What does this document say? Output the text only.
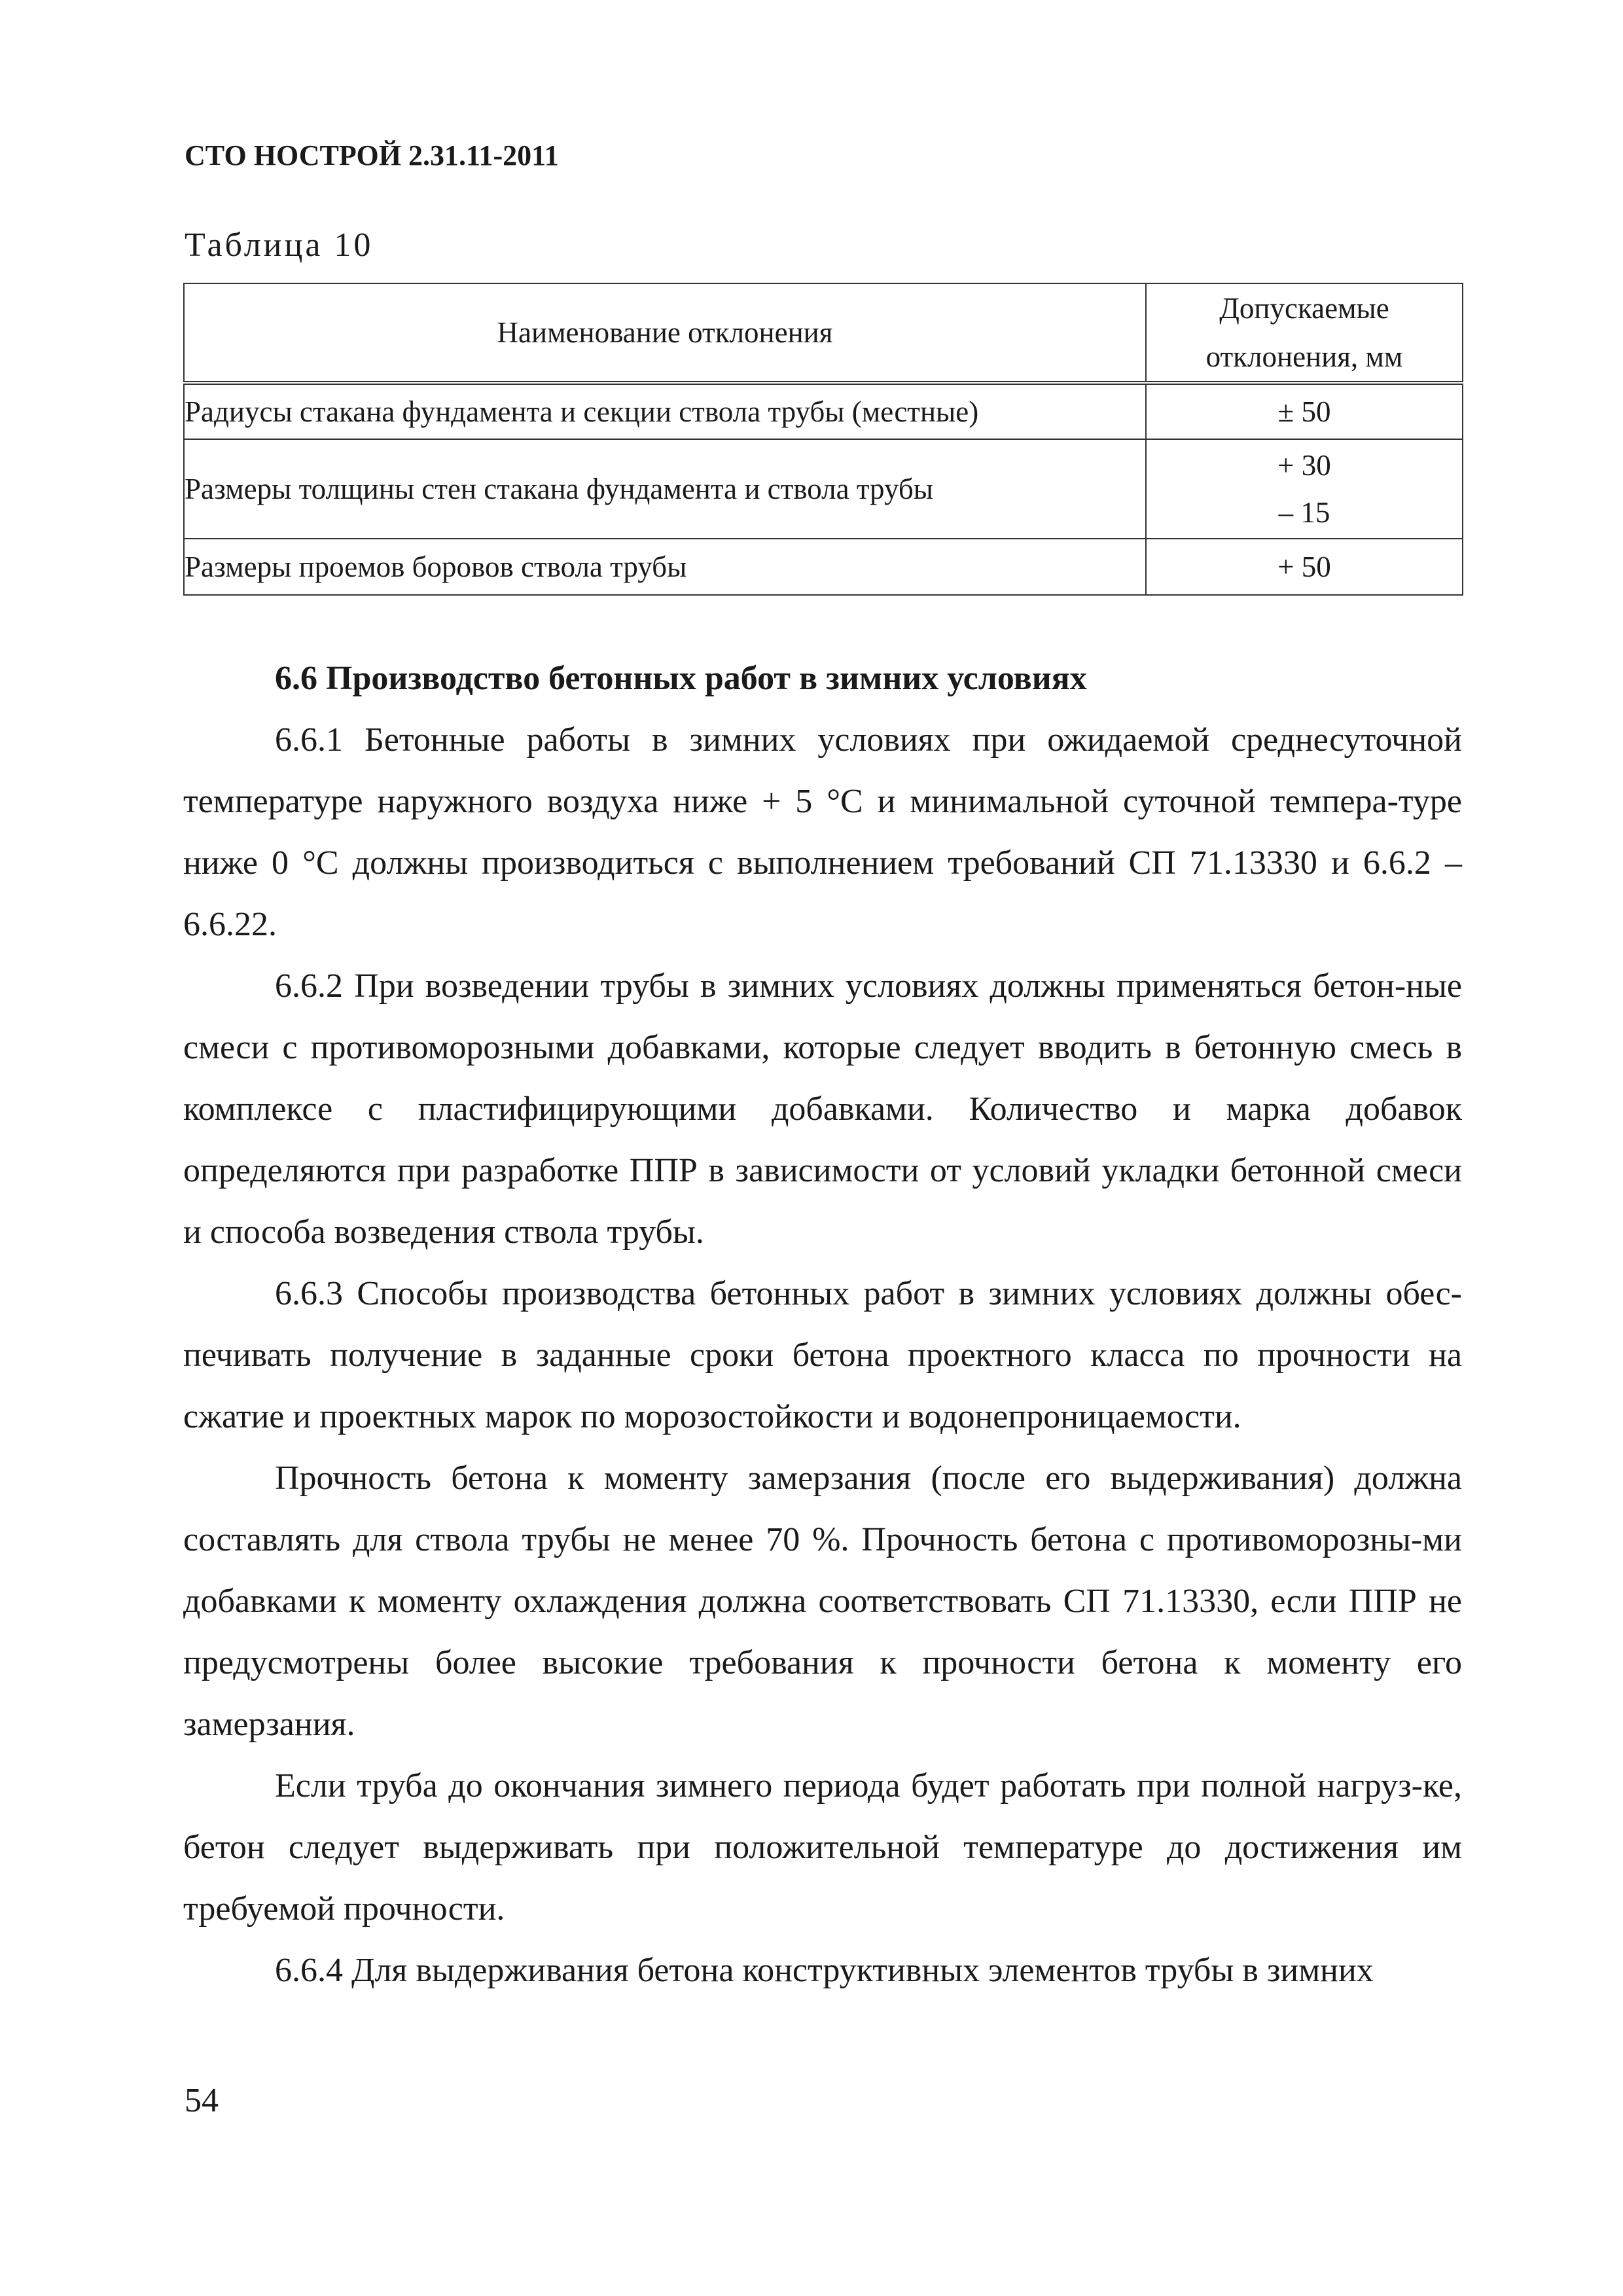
СТО НОСТРОЙ 2.31.11-2011
Таблица 10
Наименование отклонения	Допускаемые
отклонения, мм

Радиусы стакана фундамента и секции ствола трубы (местные)	± 50
Размеры толщины стен стакана фундамента и ствола трубы	+ 30
– 15

Размеры проемов боровов ствола трубы	+ 50

6.6 Производство бетонных работ в зимних условиях

6.6.1 Бетонные работы в зимних условиях при ожидаемой среднесуточной температуре наружного воздуха ниже + 5 °С и минимальной суточной темпера-туре ниже 0 °С должны производиться с выполнением требований СП 71.13330 и 6.6.2 – 6.6.22.

6.6.2 При возведении трубы в зимних условиях должны применяться бетон-ные смеси с противоморозными добавками, которые следует вводить в бетонную смесь в комплексе с пластифицирующими добавками. Количество и марка добавок определяются при разработке ППР в зависимости от условий укладки бетонной смеси и способа возведения ствола трубы.

6.6.3 Способы производства бетонных работ в зимних условиях должны обес-печивать получение в заданные сроки бетона проектного класса по прочности на сжатие и проектных марок по морозостойкости и водонепроницаемости.

Прочность бетона к моменту замерзания (после его выдерживания) должна составлять для ствола трубы не менее 70 %. Прочность бетона с противоморозны-ми добавками к моменту охлаждения должна соответствовать СП 71.13330, если ППР не предусмотрены более высокие требования к прочности бетона к моменту его замерзания.

Если труба до окончания зимнего периода будет работать при полной нагруз-ке, бетон следует выдерживать при положительной температуре до достижения им требуемой прочности.

6.6.4 Для выдерживания бетона конструктивных элементов трубы в зимних

54
